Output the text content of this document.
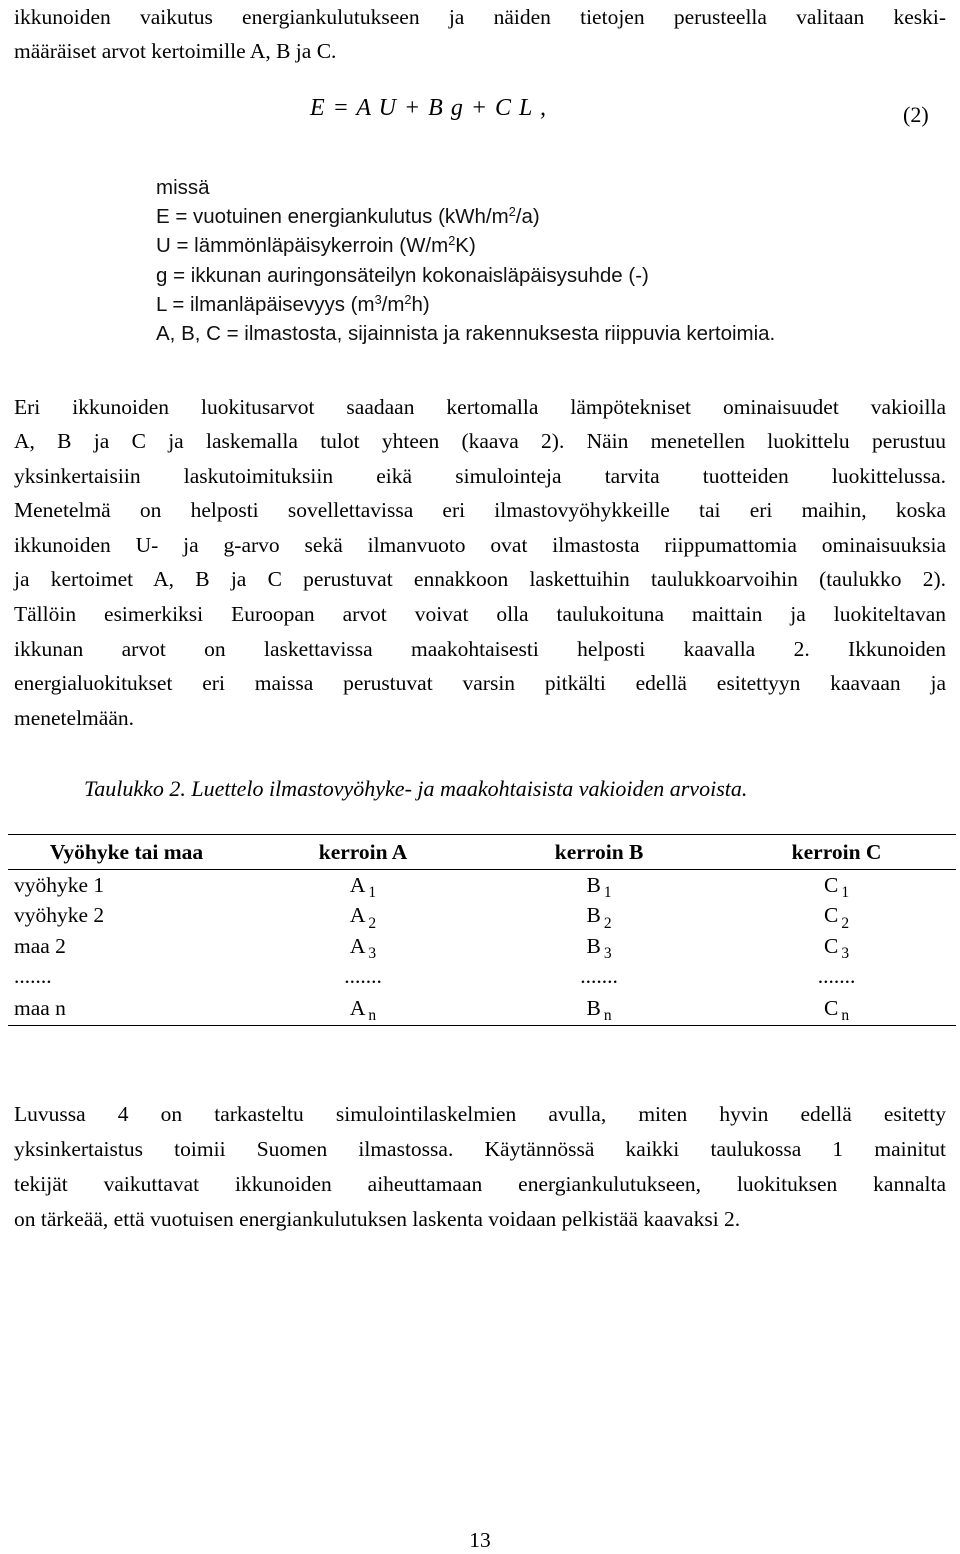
ikkunoiden vaikutus energiankulutukseen ja näiden tietojen perusteella valitaan keski-

määräiset arvot kertoimille A, B ja C.

E = A U + B g + C L ,	(2)
missä
E = vuotuinen energiankulutus $(kWh/m^2/a)$
U = lämmönläpäisykerroin $(W/m^2K)$
g = ikkunan auringonsäteilyn kokonaisläpäisysuhde (-)
L = ilmanläpäisevyys $(m^3/m^2h)$
A, B, C = ilmastosta, sijainnista ja rakennuksesta riippuvia kertoimia.

Eri ikkunoiden luokitusarvot saadaan kertomalla lämpötekniset ominaisuudet vakioilla

A, B ja C ja laskemalla tulot yhteen (kaava 2). Näin menetellen luokittelu perustuu

yksinkertaisiin laskutoimituksiin eikä simulointeja tarvita tuotteiden luokittelussa.

Menetelmä on helposti sovellettavissa eri ilmastovyöhykkeille tai eri maihin, koska

ikkunoiden U- ja g-arvo sekä ilmanvuoto ovat ilmastosta riippumattomia ominaisuuksia

ja kertoimet A, B ja C perustuvat ennakkoon laskettuihin taulukkoarvoihin (taulukko 2).

Tällöin esimerkiksi Euroopan arvot voivat olla taulukoituna maittain ja luokiteltavan

ikkunan arvot on laskettavissa maakohtaisesti helposti kaavalla 2. Ikkunoiden

energialuokitukset eri maissa perustuvat varsin pitkälti edellä esitettyyn kaavaan ja

menetelmään.

Taulukko 2. Luettelo ilmastovyöhyke- ja maakohtaisista vakioiden arvoista.
Vyöhyke tai maa	kerroin A	kerroin B	kerroin C
vyöhyke 1	A $_1$	B $_1$	C $_1$
vyöhyke 2	A $_2$	B $_2$	C $_2$
maa 2	A $_3$	B $_3$	C $_3$
.......	.......	.......	.......
maa n	A $_n$	B $_n$	C $_n$

Luvussa 4 on tarkasteltu simulointilaskelmien avulla, miten hyvin edellä esitetty

yksinkertaistus toimii Suomen ilmastossa. Käytännössä kaikki taulukossa 1 mainitut

tekijät vaikuttavat ikkunoiden aiheuttamaan energiankulutukseen, luokituksen kannalta

on tärkeää, että vuotuisen energiankulutuksen laskenta voidaan pelkistää kaavaksi 2.

13
